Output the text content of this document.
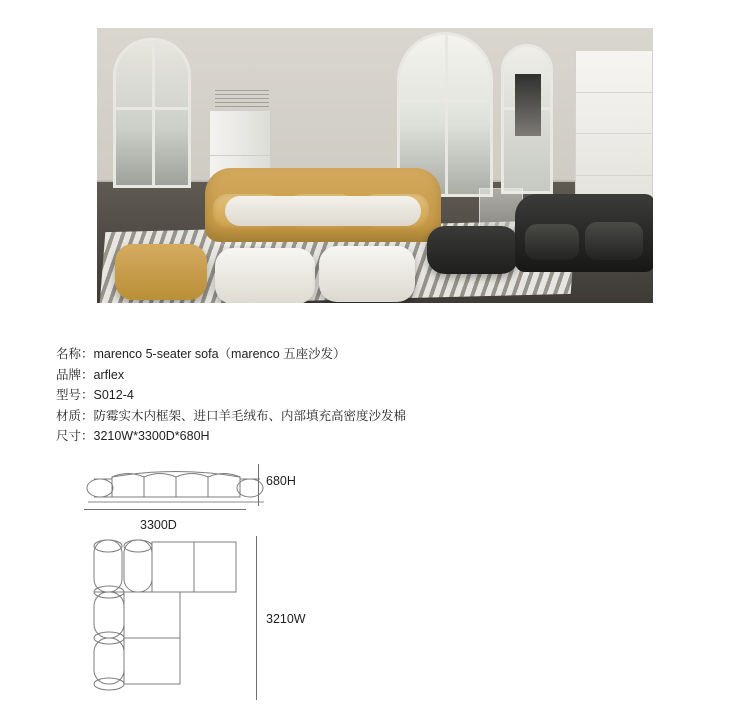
名称：marenco 5-seater sofa（marenco 五座沙发）
品牌：arflex
型号：S012-4
材质：防霉实木内框架、进口羊毛绒布、内部填充高密度沙发棉
尺寸：3210W*3300D*680H
680H
3300D
3210W
